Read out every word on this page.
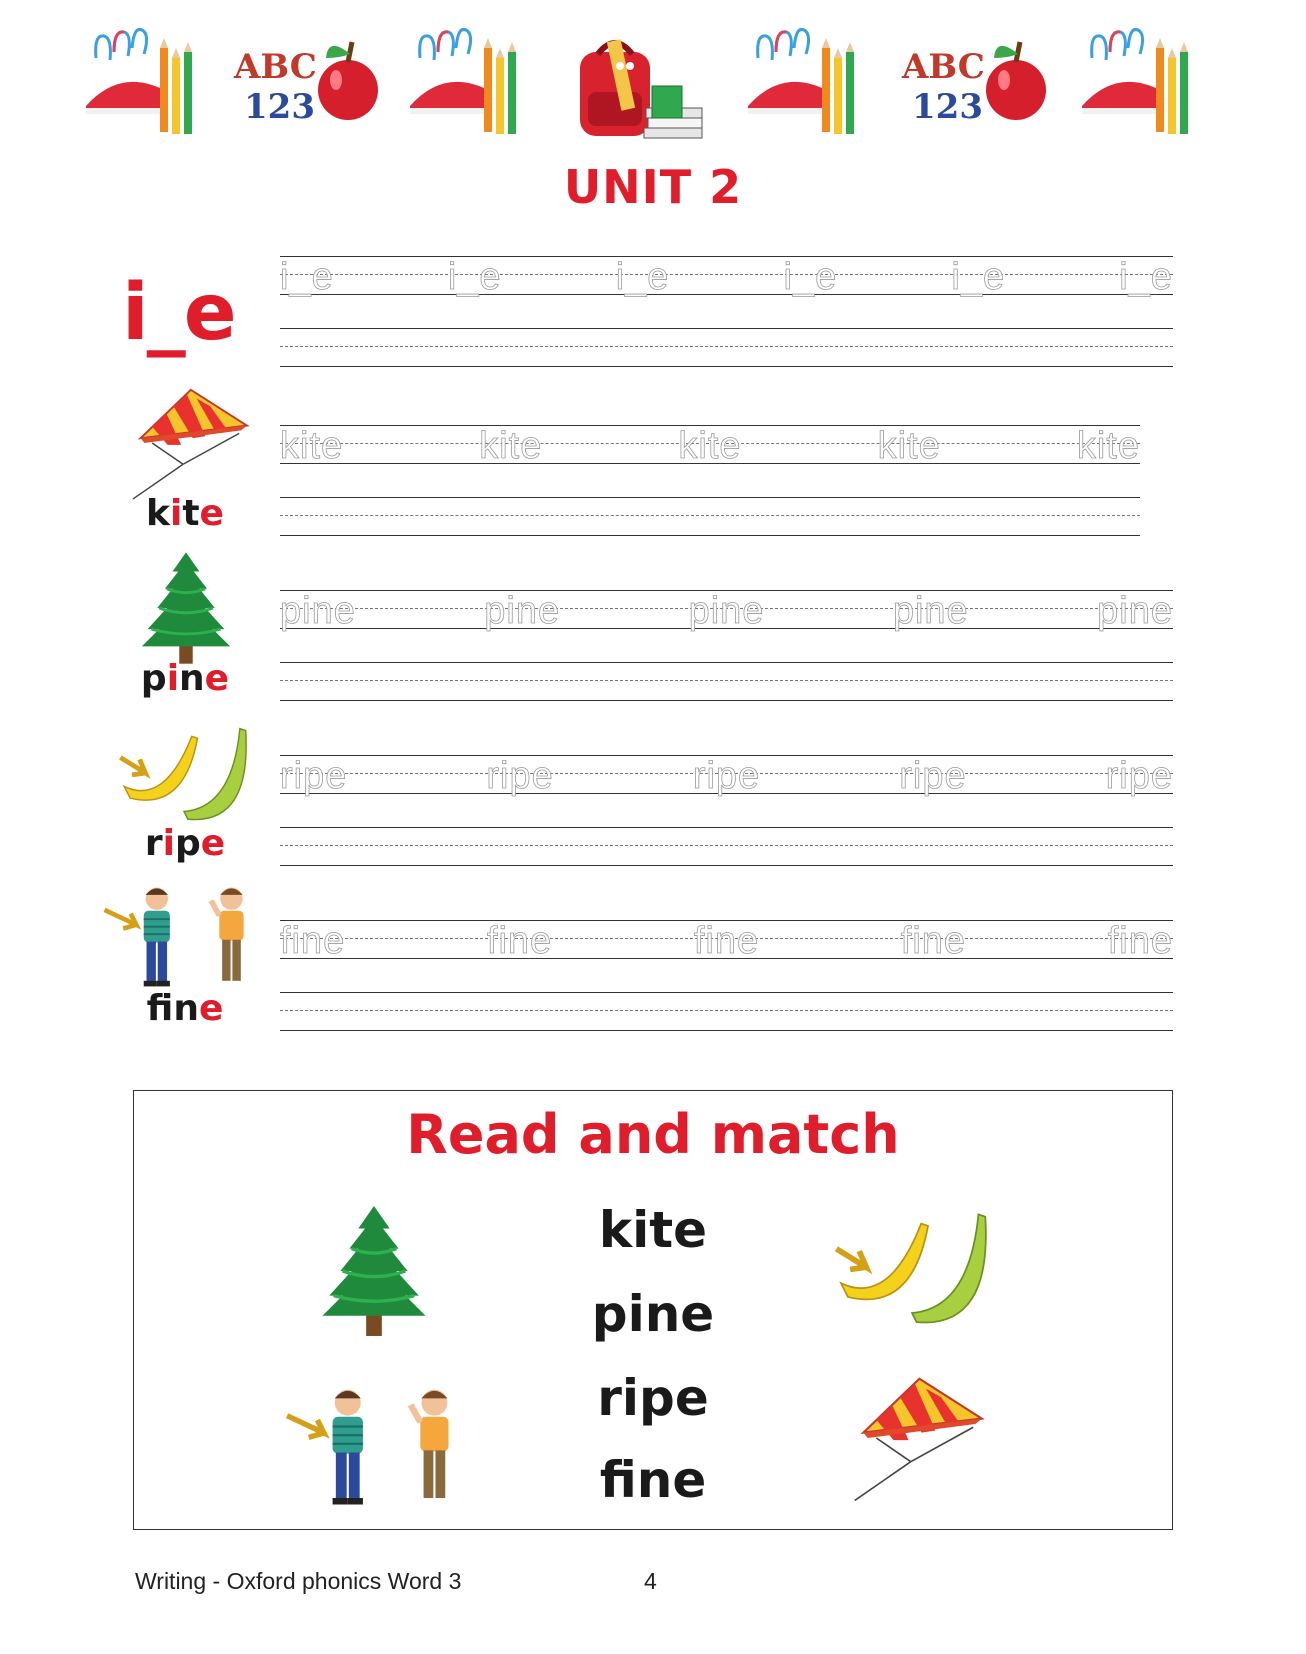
UNIT 2
i_e i_e	i_e	i_e	i_e	i_e	i_e
kite
kite	kite	kite	kite	kite
pine
pine	pine	pine	pine	pine
ripe
ripe	ripe	ripe	ripe	ripe
fne
fine	fine	fine	fine	fine
Read and match
kite
pine
ripe
fine
Writing - Oxford phonics Word 3	4
